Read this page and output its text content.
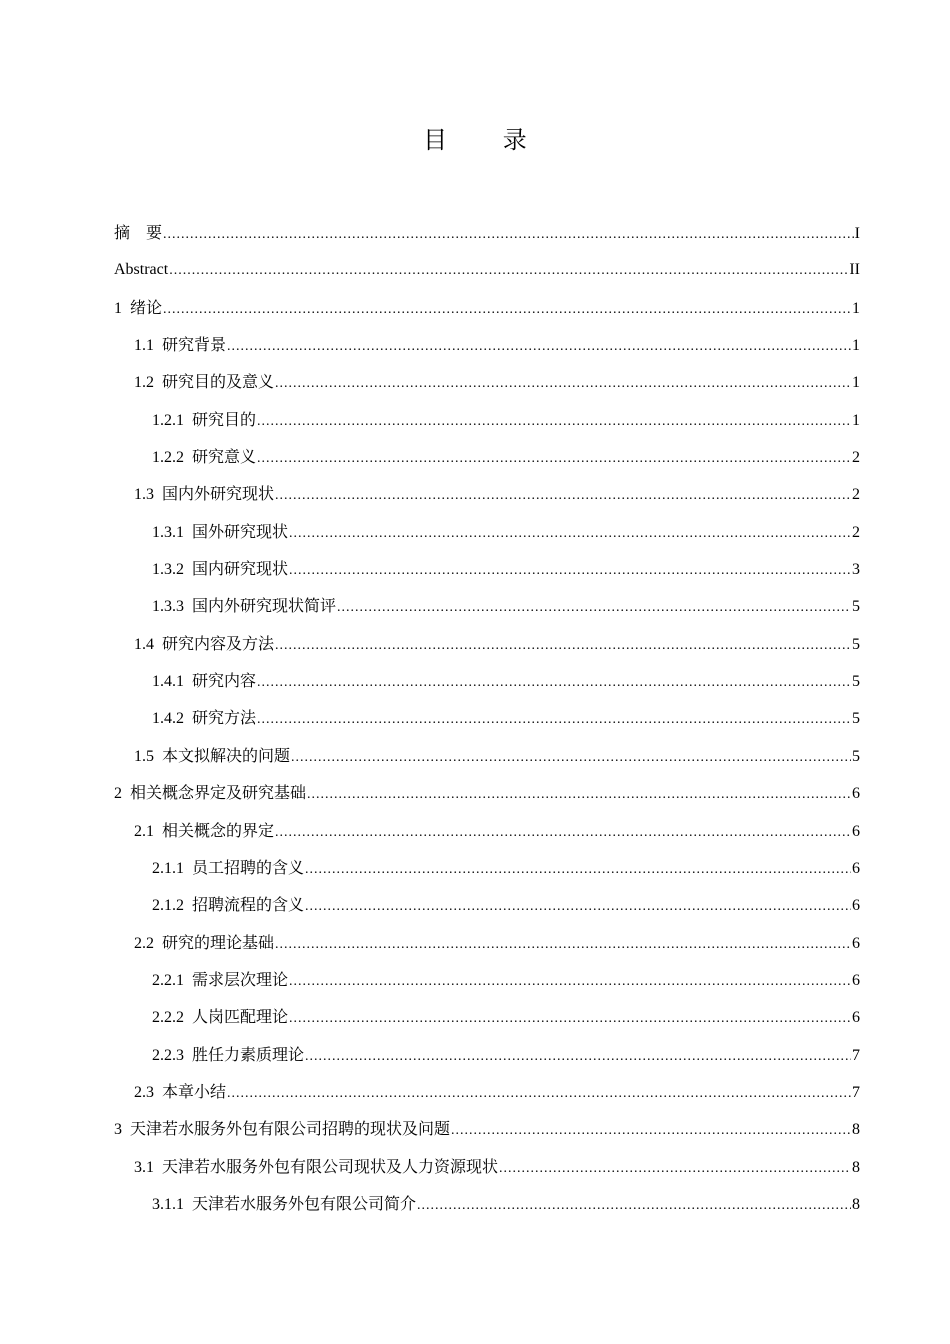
目 录
摘　要 .....	I
Abstract .....	II
1 绪论 .....	1
1.1 研究背景 .....	1
1.2 研究目的及意义 .....	1
1.2.1 研究目的 .....	1
1.2.2 研究意义 .....	2
1.3 国内外研究现状 .....	2
1.3.1 国外研究现状 .....	2
1.3.2 国内研究现状 .....	3
1.3.3 国内外研究现状简评 .....	5
1.4 研究内容及方法 .....	5
1.4.1 研究内容 .....	5
1.4.2 研究方法 .....	5
1.5 本文拟解决的问题 .....	5
2 相关概念界定及研究基础 .....	6
2.1 相关概念的界定 .....	6
2.1.1 员工招聘的含义 .....	6
2.1.2 招聘流程的含义 .....	6
2.2 研究的理论基础 .....	6
2.2.1 需求层次理论 .....	6
2.2.2 人岗匹配理论 .....	6
2.2.3 胜任力素质理论 .....	7
2.3 本章小结 .....	7
3 天津若水服务外包有限公司招聘的现状及问题 .....	8
3.1 天津若水服务外包有限公司现状及人力资源现状 .....	8
3.1.1 天津若水服务外包有限公司简介 .....	8
